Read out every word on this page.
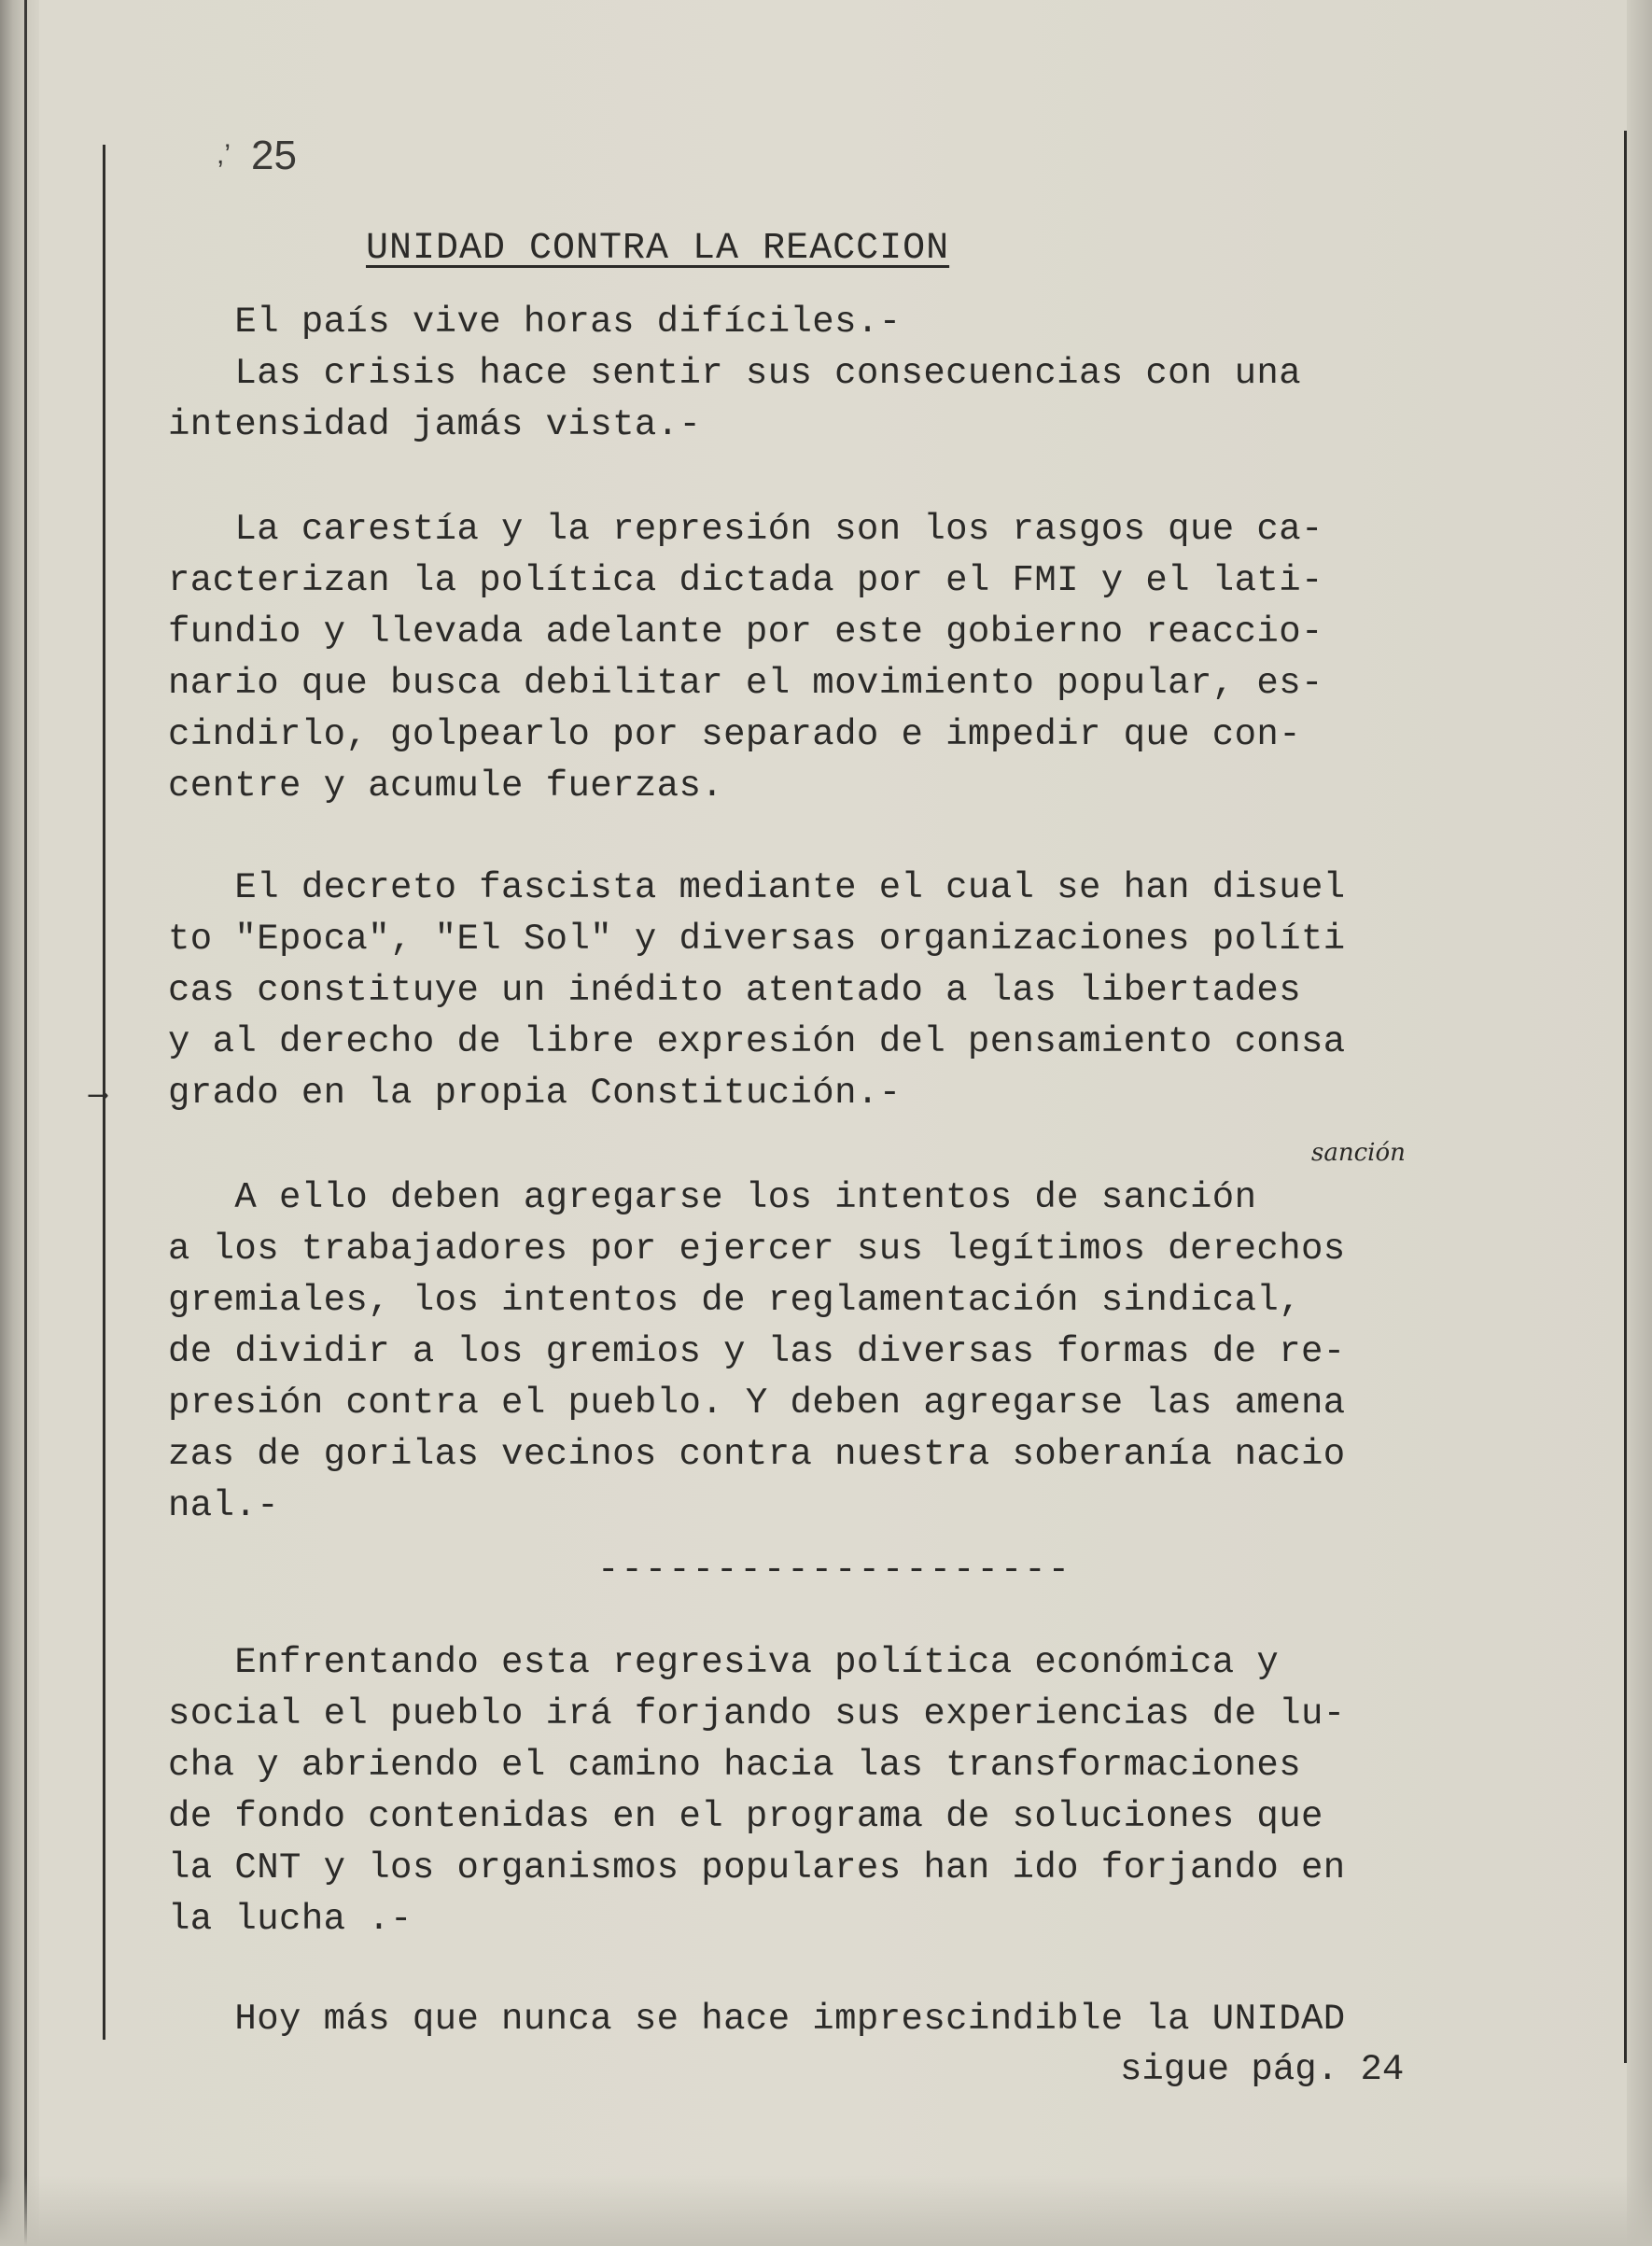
,’ 25
UNIDAD CONTRA LA REACCION
El país vive horas difíciles.-
Las crisis hace sentir sus consecuencias con una
intensidad jamás vista.-
La carestía y la represión son los rasgos que ca-
racterizan la política dictada por el FMI y el lati-
fundio y llevada adelante por este gobierno reaccio-
nario que busca debilitar el movimiento popular, es-
cindirlo, golpearlo por separado e impedir que con-
centre y acumule fuerzas.
El decreto fascista mediante el cual se han disuel
to "Epoca", "El Sol" y diversas organizaciones políti
cas constituye un inédito atentado a las libertades
y al derecho de libre expresión del pensamiento consa
grado en la propia Constitución.-
sanción
⟶
A ello deben agregarse los intentos de sanción
a los trabajadores por ejercer sus legítimos derechos
gremiales, los intentos de reglamentación sindical,
de dividir a los gremios y las diversas formas de re-
presión contra el pueblo. Y deben agregarse las amena
zas de gorilas vecinos contra nuestra soberanía nacio
nal.-
--------------------
Enfrentando esta regresiva política económica y
social el pueblo irá forjando sus experiencias de lu-
cha y abriendo el camino hacia las transformaciones
de fondo contenidas en el programa de soluciones que
la CNT y los organismos populares han ido forjando en
la lucha .-
Hoy más que nunca se hace imprescindible la UNIDAD
sigue pág. 24
